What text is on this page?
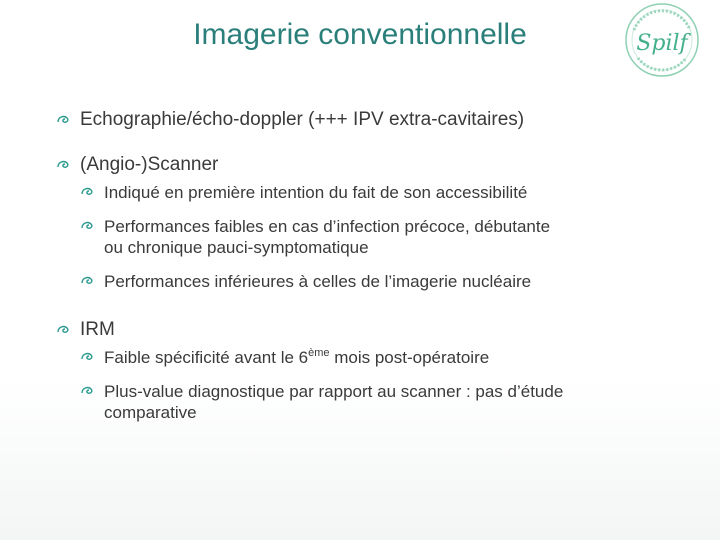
Imagerie conventionnelle	Spilf
Echographie/écho-doppler (+++ IPV extra-cavitaires)
(Angio-)Scanner
Indiqué en première intention du fait de son accessibilité
Performances faibles en cas d’infection précoce, débutante
ou chronique pauci-symptomatique
Performances inférieures à celles de l’imagerie nucléaire
IRM
Faible spécificité avant le 6ème mois post-opératoire
Plus-value diagnostique par rapport au scanner : pas d’étude
comparative
